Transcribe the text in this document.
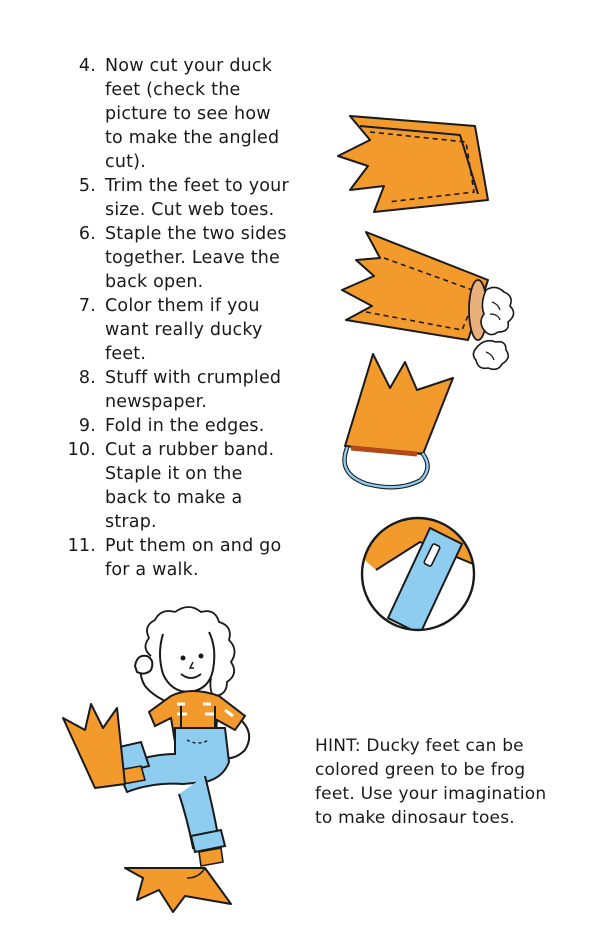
4. Now cut your duck
feet (check the
picture to see how
to make the angled
cut).
5. Trim the feet to your
size. Cut web toes.
6. Staple the two sides
together. Leave the
back open.
7. Color them if you
want really ducky
feet.
8. Stuff with crumpled
newspaper.
9. Fold in the edges.
10. Cut a rubber band.
Staple it on the
back to make a
strap.
11. Put them on and go
for a walk.
HINT: Ducky feet can be
colored green to be frog
feet. Use your imagination
to make dinosaur toes.
